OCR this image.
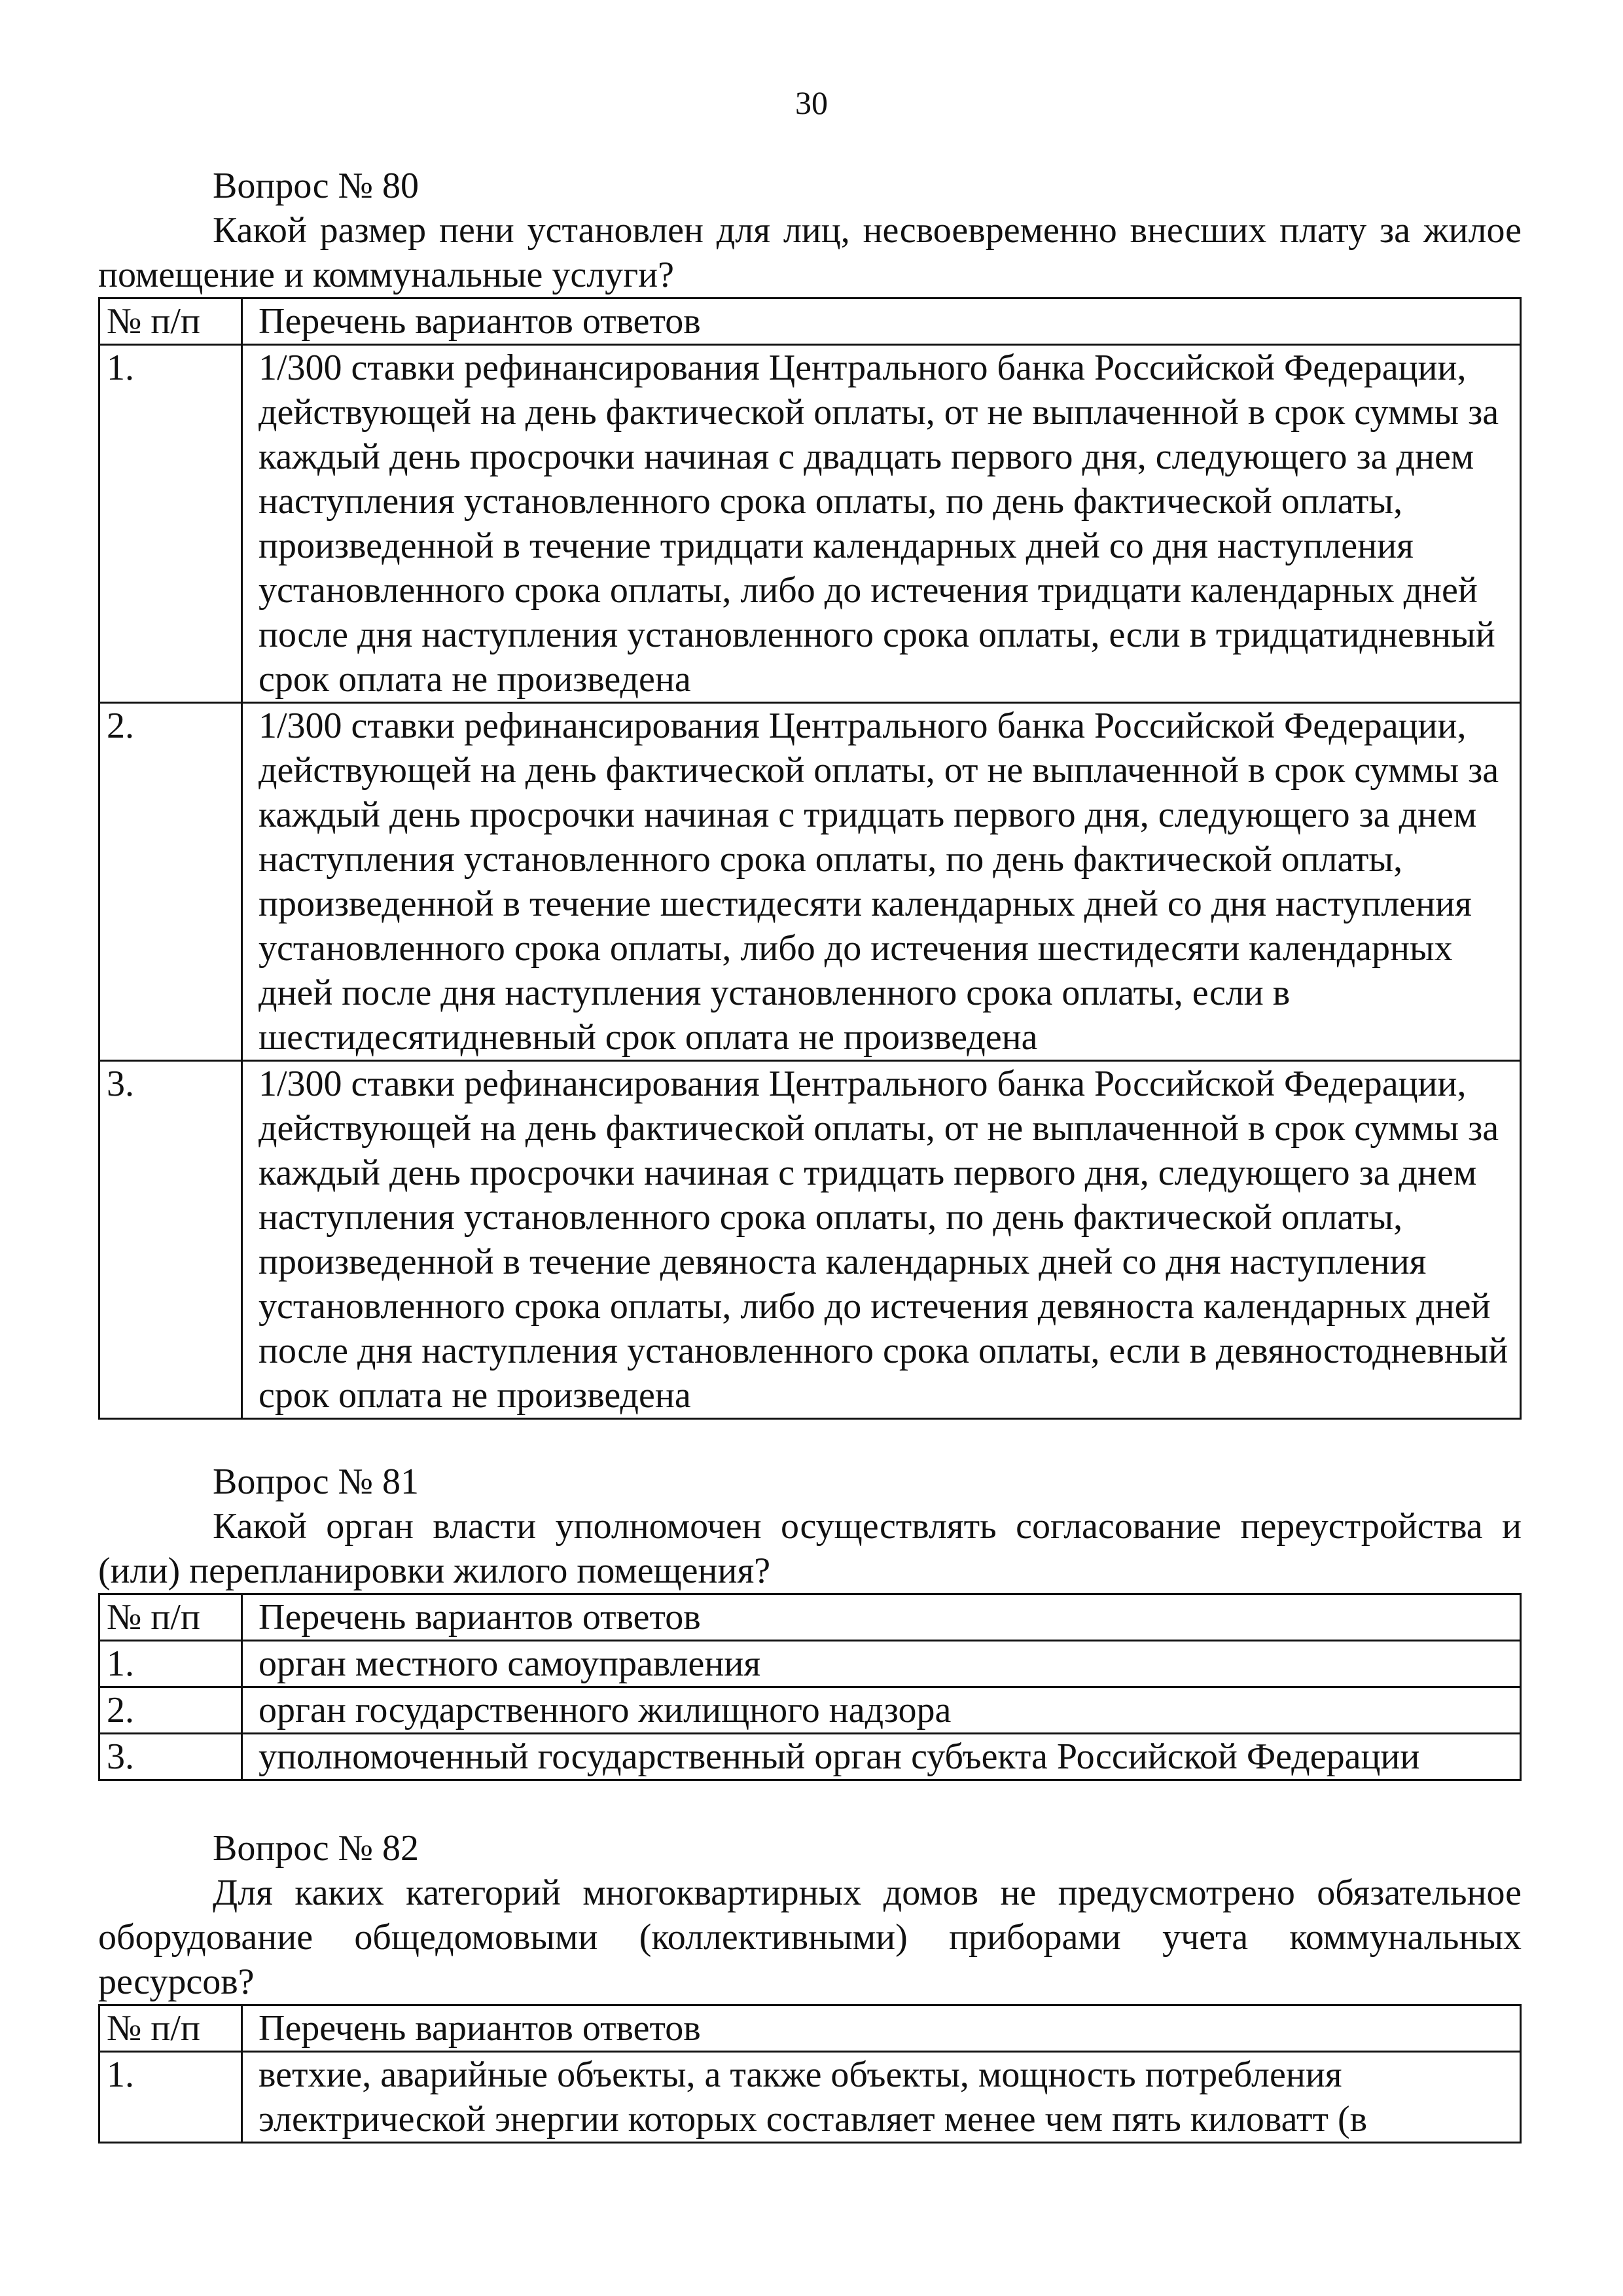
30
Вопрос № 80
Какой размер пени установлен для лиц, несвоевременно внесших плату за жилое помещение и коммунальные услуги?
№ п/п	Перечень вариантов ответов
1.	1/300 ставки рефинансирования Центрального банка Российской Федерации, действующей на день фактической оплаты, от не выплаченной в срок суммы за каждый день просрочки начиная с двадцать первого дня, следующего за днем наступления установленного срока оплаты, по день фактической оплаты, произведенной в течение тридцати календарных дней со дня наступления установленного срока оплаты, либо до истечения тридцати календарных дней после дня наступления установленного срока оплаты, если в тридцатидневный срок оплата не произведена
2.	1/300 ставки рефинансирования Центрального банка Российской Федерации, действующей на день фактической оплаты, от не выплаченной в срок суммы за каждый день просрочки начиная с тридцать первого дня, следующего за днем наступления установленного срока оплаты, по день фактической оплаты, произведенной в течение шестидесяти календарных дней со дня наступления установленного срока оплаты, либо до истечения шестидесяти календарных дней после дня наступления установленного срока оплаты, если в шестидесятидневный срок оплата не произведена
3.	1/300 ставки рефинансирования Центрального банка Российской Федерации, действующей на день фактической оплаты, от не выплаченной в срок суммы за каждый день просрочки начиная с тридцать первого дня, следующего за днем наступления установленного срока оплаты, по день фактической оплаты, произведенной в течение девяноста календарных дней со дня наступления установленного срока оплаты, либо до истечения девяноста календарных дней после дня наступления установленного срока оплаты, если в девяностодневный срок оплата не произведена
Вопрос № 81
Какой орган власти уполномочен осуществлять согласование переустройства и (или) перепланировки жилого помещения?
№ п/п	Перечень вариантов ответов
1.	орган местного самоуправления
2.	орган государственного жилищного надзора
3.	уполномоченный государственный орган субъекта Российской Федерации
Вопрос № 82
Для каких категорий многоквартирных домов не предусмотрено обязательное оборудование общедомовыми (коллективными) приборами учета коммунальных ресурсов?
№ п/п	Перечень вариантов ответов
1.	ветхие, аварийные объекты, а также объекты, мощность потребления электрической энергии которых составляет менее чем пять киловатт (в
